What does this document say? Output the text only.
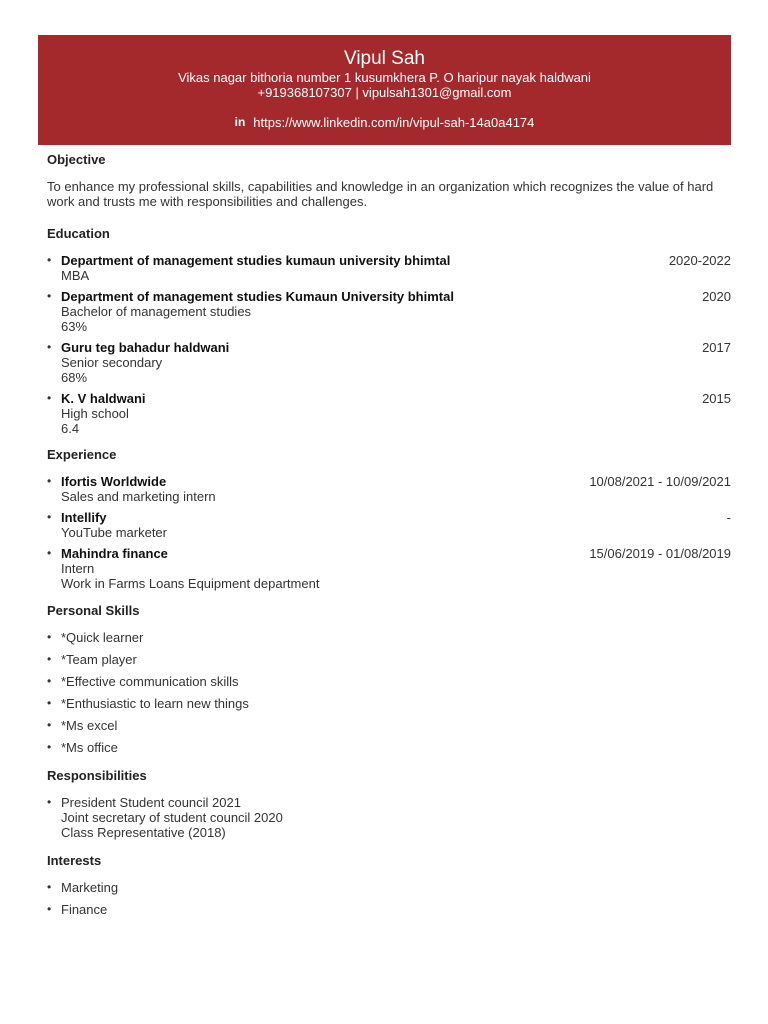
Vipul Sah
Vikas nagar bithoria number 1 kusumkhera P. O haripur nayak haldwani
+919368107307 | vipulsah1301@gmail.com
in https://www.linkedin.com/in/vipul-sah-14a0a4174
Objective
To enhance my professional skills, capabilities and knowledge in an organization which recognizes the value of hard work and trusts me with responsibilities and challenges.
Education
• Department of management studies kumaun university bhimtal	2020-2022
MBA
• Department of management studies Kumaun University bhimtal	2020
Bachelor of management studies
63%
• Guru teg bahadur haldwani	2017
Senior secondary
68%
• K. V haldwani	2015
High school
6.4
Experience
• Ifortis Worldwide	10/08/2021 - 10/09/2021
Sales and marketing intern
• Intellify	-
YouTube marketer
• Mahindra finance	15/06/2019 - 01/08/2019
Intern
Work in Farms Loans Equipment department
Personal Skills
• *Quick learner
• *Team player
• *Effective communication skills
• *Enthusiastic to learn new things
• *Ms excel
• *Ms office
Responsibilities
• President Student council 2021
Joint secretary of student council 2020
Class Representative (2018)
Interests
• Marketing
• Finance
